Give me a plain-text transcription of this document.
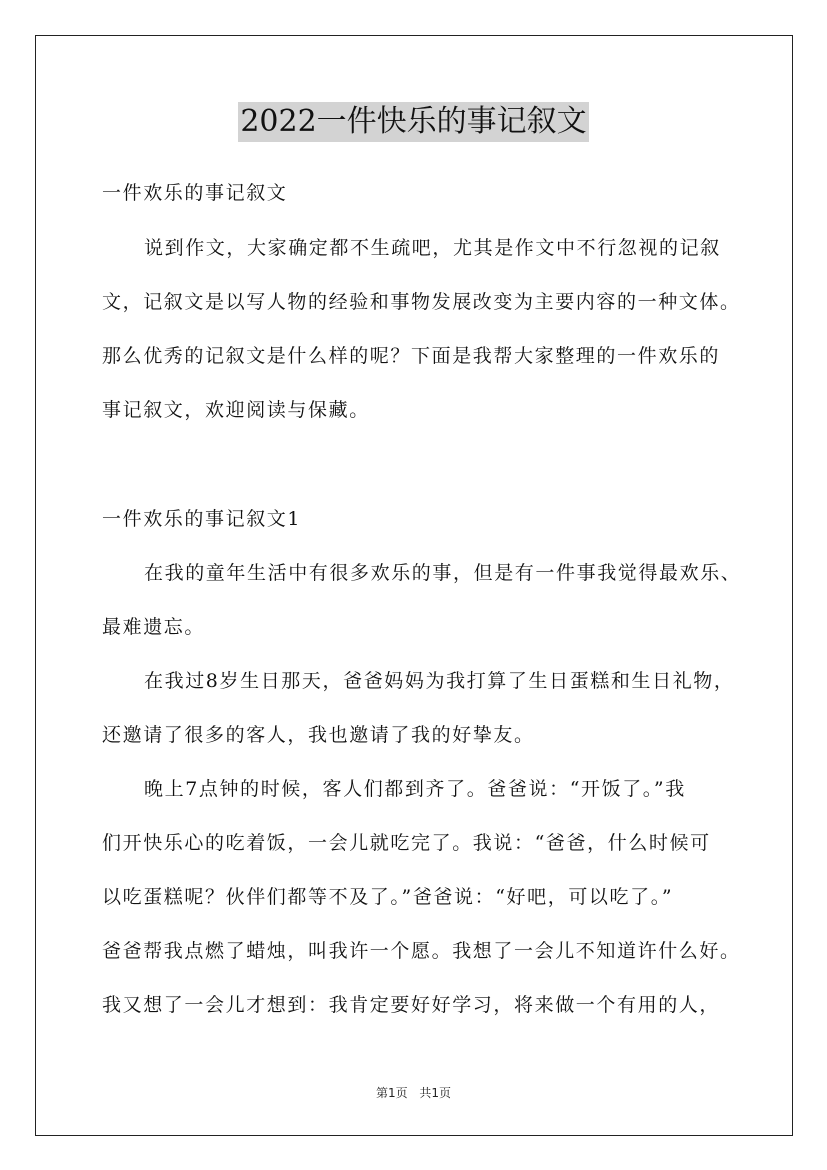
2022一件快乐的事记叙文
一件欢乐的事记叙文
说到作文，大家确定都不生疏吧，尤其是作文中不行忽视的记叙
文，记叙文是以写人物的经验和事物发展改变为主要内容的一种文体。
那么优秀的记叙文是什么样的呢？下面是我帮大家整理的一件欢乐的
事记叙文，欢迎阅读与保藏。
一件欢乐的事记叙文1
在我的童年生活中有很多欢乐的事，但是有一件事我觉得最欢乐、
最难遗忘。
在我过8岁生日那天，爸爸妈妈为我打算了生日蛋糕和生日礼物，
还邀请了很多的客人，我也邀请了我的好挚友。
晚上7点钟的时候，客人们都到齐了。爸爸说：“开饭了。”我
们开快乐心的吃着饭，一会儿就吃完了。我说：“爸爸，什么时候可
以吃蛋糕呢？伙伴们都等不及了。”爸爸说：“好吧，可以吃了。”
爸爸帮我点燃了蜡烛，叫我许一个愿。我想了一会儿不知道许什么好。
我又想了一会儿才想到：我肯定要好好学习，将来做一个有用的人，
第1页 共1页
